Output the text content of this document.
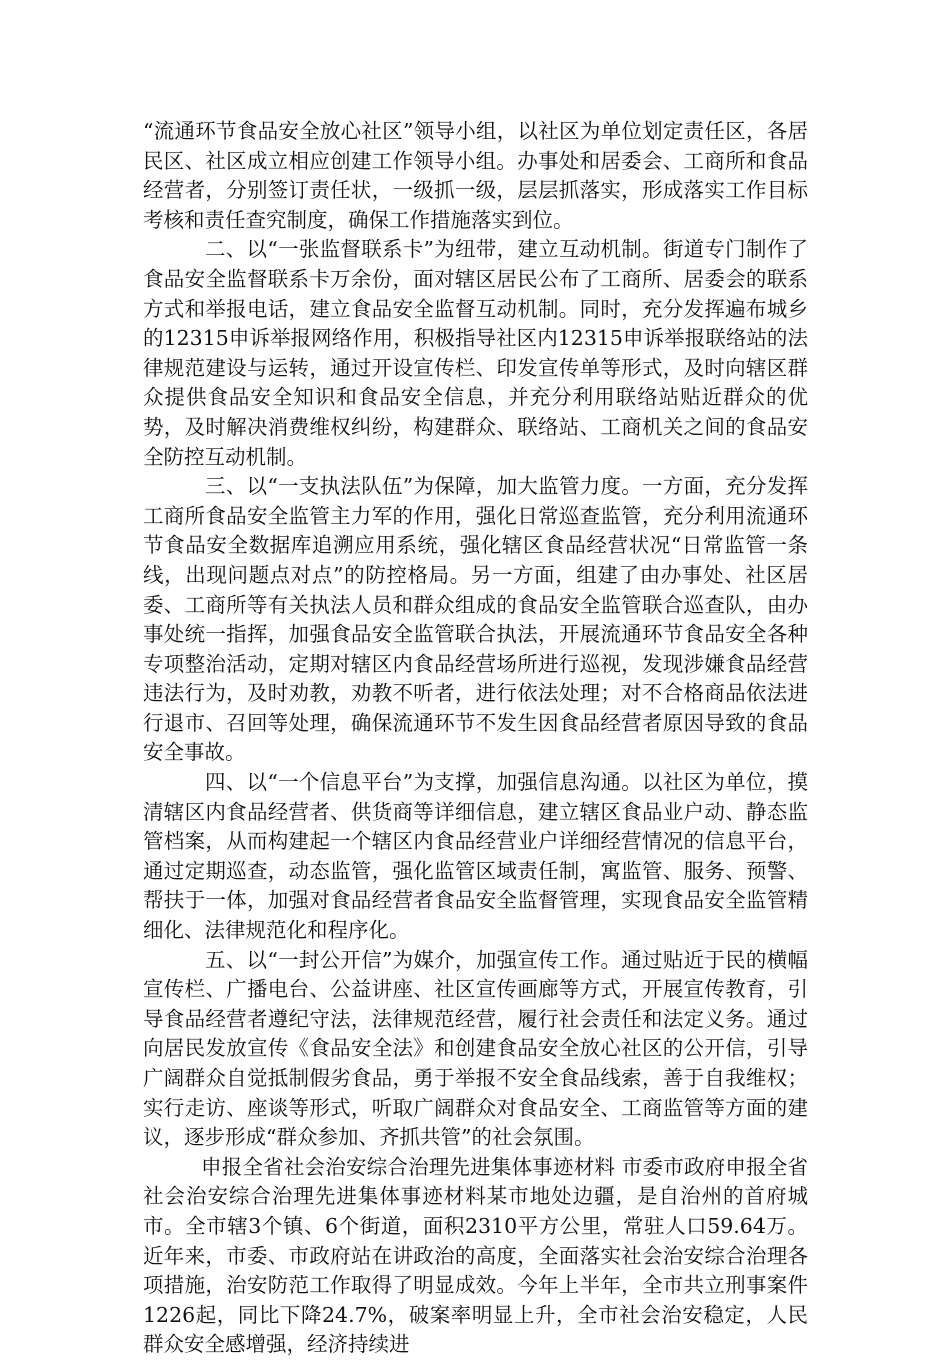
“流通环节食品安全放心社区”领导小组，以社区为单位划定责任区，各居民区、社区成立相应创建工作领导小组。办事处和居委会、工商所和食品经营者，分别签订责任状，一级抓一级，层层抓落实，形成落实工作目标考核和责任查究制度，确保工作措施落实到位。

二、以“一张监督联系卡”为纽带，建立互动机制。街道专门制作了食品安全监督联系卡万余份，面对辖区居民公布了工商所、居委会的联系方式和举报电话，建立食品安全监督互动机制。同时，充分发挥遍布城乡的12315申诉举报网络作用，积极指导社区内12315申诉举报联络站的法律规范建设与运转，通过开设宣传栏、印发宣传单等形式，及时向辖区群众提供食品安全知识和食品安全信息，并充分利用联络站贴近群众的优势，及时解决消费维权纠纷，构建群众、联络站、工商机关之间的食品安全防控互动机制。

三、以“一支执法队伍”为保障，加大监管力度。一方面，充分发挥工商所食品安全监管主力军的作用，强化日常巡查监管，充分利用流通环节食品安全数据库追溯应用系统，强化辖区食品经营状况“日常监管一条线，出现问题点对点”的防控格局。另一方面，组建了由办事处、社区居委、工商所等有关执法人员和群众组成的食品安全监管联合巡查队，由办事处统一指挥，加强食品安全监管联合执法，开展流通环节食品安全各种专项整治活动，定期对辖区内食品经营场所进行巡视，发现涉嫌食品经营违法行为，及时劝教，劝教不听者，进行依法处理；对不合格商品依法进行退市、召回等处理，确保流通环节不发生因食品经营者原因导致的食品安全事故。

四、以“一个信息平台”为支撑，加强信息沟通。以社区为单位，摸清辖区内食品经营者、供货商等详细信息，建立辖区食品业户动、静态监管档案，从而构建起一个辖区内食品经营业户详细经营情况的信息平台，通过定期巡查，动态监管，强化监管区域责任制，寓监管、服务、预警、帮扶于一体，加强对食品经营者食品安全监督管理，实现食品安全监管精细化、法律规范化和程序化。

五、以“一封公开信”为媒介，加强宣传工作。通过贴近于民的横幅宣传栏、广播电台、公益讲座、社区宣传画廊等方式，开展宣传教育，引导食品经营者遵纪守法，法律规范经营，履行社会责任和法定义务。通过向居民发放宣传《食品安全法》和创建食品安全放心社区的公开信，引导广阔群众自觉抵制假劣食品，勇于举报不安全食品线索，善于自我维权；实行走访、座谈等形式，听取广阔群众对食品安全、工商监管等方面的建议，逐步形成“群众参加、齐抓共管”的社会氛围。

申报全省社会治安综合治理先进集体事迹材料 市委市政府申报全省社会治安综合治理先进集体事迹材料某市地处边疆，是自治州的首府城市。全市辖3个镇、6个街道，面积2310平方公里，常驻人口59.64万。近年来，市委、市政府站在讲政治的高度，全面落实社会治安综合治理各项措施，治安防范工作取得了明显成效。今年上半年，全市共立刑事案件1226起，同比下降24.7%，破案率明显上升，全市社会治安稳定，人民群众安全感增强，经济持续进
